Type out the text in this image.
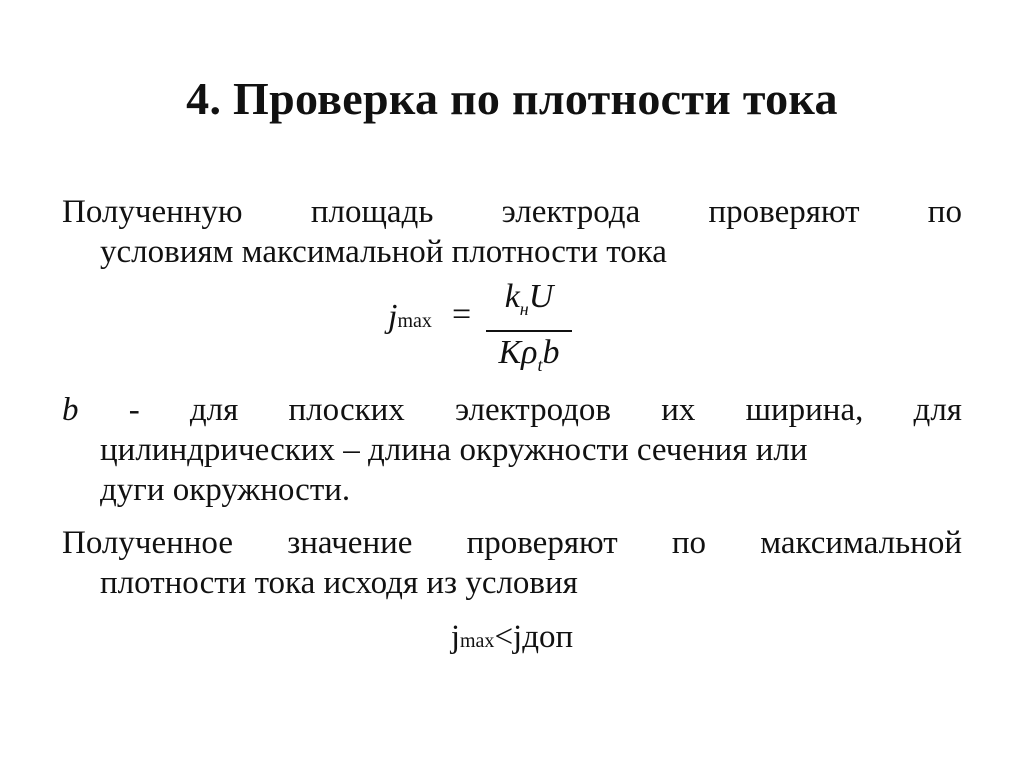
4. Проверка по плотности тока
Полученную площадь электрода проверяют по
условиям максимальной плотности тока
$jmax = k_нU$
$K\rho_tb$
b - для плоских электродов их ширина, для
цилиндрических – длина окружности сечения или
дуги окружности.
Полученное значение проверяют по максимальной
плотности тока исходя из условия
jmax<jдоп
